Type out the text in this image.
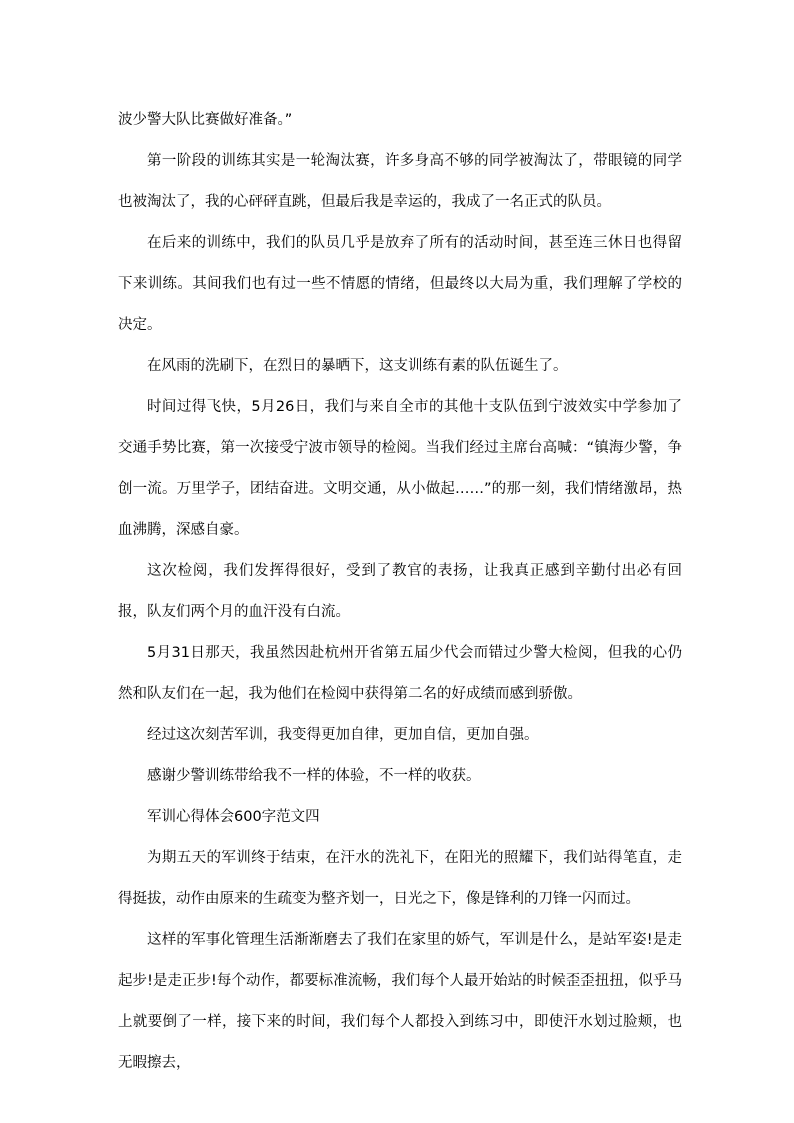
波少警大队比赛做好准备。”

第一阶段的训练其实是一轮淘汰赛，许多身高不够的同学被淘汰了，带眼镜的同学也被淘汰了，我的心砰砰直跳，但最后我是幸运的，我成了一名正式的队员。

在后来的训练中，我们的队员几乎是放弃了所有的活动时间，甚至连三休日也得留下来训练。其间我们也有过一些不情愿的情绪，但最终以大局为重，我们理解了学校的决定。

在风雨的洗刷下，在烈日的暴晒下，这支训练有素的队伍诞生了。

时间过得飞快，5月26日，我们与来自全市的其他十支队伍到宁波效实中学参加了交通手势比赛，第一次接受宁波市领导的检阅。当我们经过主席台高喊：“镇海少警，争创一流。万里学子，团结奋进。文明交通，从小做起……”的那一刻，我们情绪激昂，热血沸腾，深感自豪。

这次检阅，我们发挥得很好，受到了教官的表扬，让我真正感到辛勤付出必有回报，队友们两个月的血汗没有白流。

5月31日那天，我虽然因赴杭州开省第五届少代会而错过少警大检阅，但我的心仍然和队友们在一起，我为他们在检阅中获得第二名的好成绩而感到骄傲。

经过这次刻苦军训，我变得更加自律，更加自信，更加自强。

感谢少警训练带给我不一样的体验，不一样的收获。

军训心得体会600字范文四

为期五天的军训终于结束，在汗水的洗礼下，在阳光的照耀下，我们站得笔直，走得挺拔，动作由原来的生疏变为整齐划一，日光之下，像是锋利的刀锋一闪而过。

这样的军事化管理生活渐渐磨去了我们在家里的娇气，军训是什么，是站军姿!是走起步!是走正步!每个动作，都要标准流畅，我们每个人最开始站的时候歪歪扭扭，似乎马上就要倒了一样，接下来的时间，我们每个人都投入到练习中，即使汗水划过脸颊，也无暇擦去，
